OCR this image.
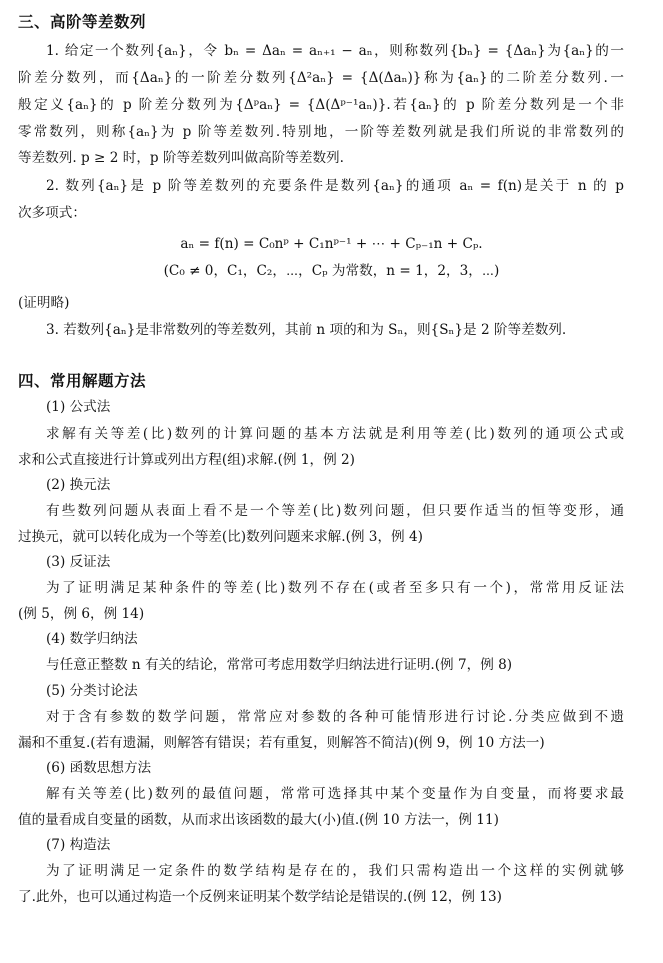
三、高阶等差数列
1. 给定一个数列{aₙ}，令 bₙ = Δaₙ = aₙ₊₁ − aₙ，则称数列{bₙ} = {Δaₙ}为{aₙ}的一
阶差分数列，而{Δaₙ}的一阶差分数列{Δ²aₙ} = {Δ(Δaₙ)}称为{aₙ}的二阶差分数列.一
般定义{aₙ}的 p 阶差分数列为{Δᵖaₙ} = {Δ(Δᵖ⁻¹aₙ)}.若{aₙ}的 p 阶差分数列是一个非
零常数列，则称{aₙ}为 p 阶等差数列.特别地，一阶等差数列就是我们所说的非常数列的
等差数列. p ≥ 2 时，p 阶等差数列叫做高阶等差数列.
2. 数列{aₙ}是 p 阶等差数列的充要条件是数列{aₙ}的通项 aₙ = f(n)是关于 n 的 p
次多项式：
aₙ = f(n) = C₀nᵖ + C₁nᵖ⁻¹ + ⋯ + Cₚ₋₁n + Cₚ.
(C₀ ≠ 0，C₁，C₂，⋯，Cₚ 为常数，n = 1，2，3，⋯)
(证明略)
3. 若数列{aₙ}是非常数列的等差数列，其前 n 项的和为 Sₙ，则{Sₙ}是 2 阶等差数列.
四、常用解题方法
(1) 公式法
求解有关等差(比)数列的计算问题的基本方法就是利用等差(比)数列的通项公式或
求和公式直接进行计算或列出方程(组)求解.(例 1，例 2)
(2) 换元法
有些数列问题从表面上看不是一个等差(比)数列问题，但只要作适当的恒等变形，通
过换元，就可以转化成为一个等差(比)数列问题来求解.(例 3，例 4)
(3) 反证法
为了证明满足某种条件的等差(比)数列不存在(或者至多只有一个)，常常用反证法
(例 5，例 6，例 14)
(4) 数学归纳法
与任意正整数 n 有关的结论，常常可考虑用数学归纳法进行证明.(例 7，例 8)
(5) 分类讨论法
对于含有参数的数学问题，常常应对参数的各种可能情形进行讨论.分类应做到不遗
漏和不重复.(若有遗漏，则解答有错误；若有重复，则解答不简洁)(例 9，例 10 方法一)
(6) 函数思想方法
解有关等差(比)数列的最值问题，常常可选择其中某个变量作为自变量，而将要求最
值的量看成自变量的函数，从而求出该函数的最大(小)值.(例 10 方法一，例 11)
(7) 构造法
为了证明满足一定条件的数学结构是存在的，我们只需构造出一个这样的实例就够
了.此外，也可以通过构造一个反例来证明某个数学结论是错误的.(例 12，例 13)
